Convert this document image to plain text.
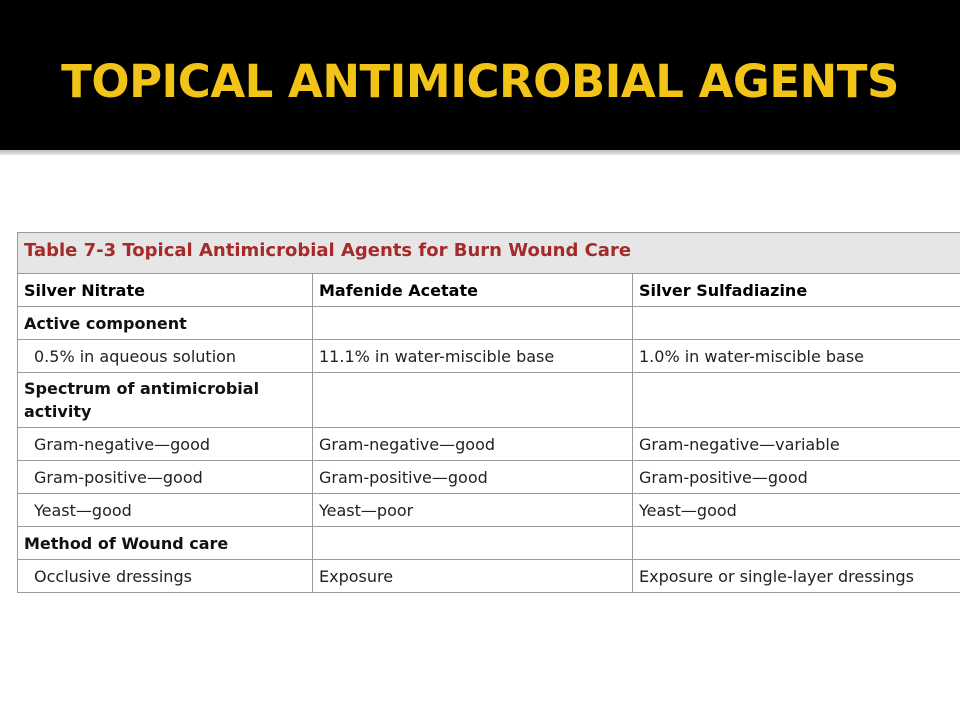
TOPICAL ANTIMICROBIAL AGENTS
Table 7-3 Topical Antimicrobial Agents for Burn Wound Care
Silver Nitrate	Mafenide Acetate	Silver Sulfadiazine
Active component		
0.5% in aqueous solution	11.1% in water-miscible base	1.0% in water-miscible base
Spectrum of antimicrobial activity		
Gram-negative—good	Gram-negative—good	Gram-negative—variable
Gram-positive—good	Gram-positive—good	Gram-positive—good
Yeast—good	Yeast—poor	Yeast—good
Method of Wound care		
Occlusive dressings	Exposure	Exposure or single-layer dressings
